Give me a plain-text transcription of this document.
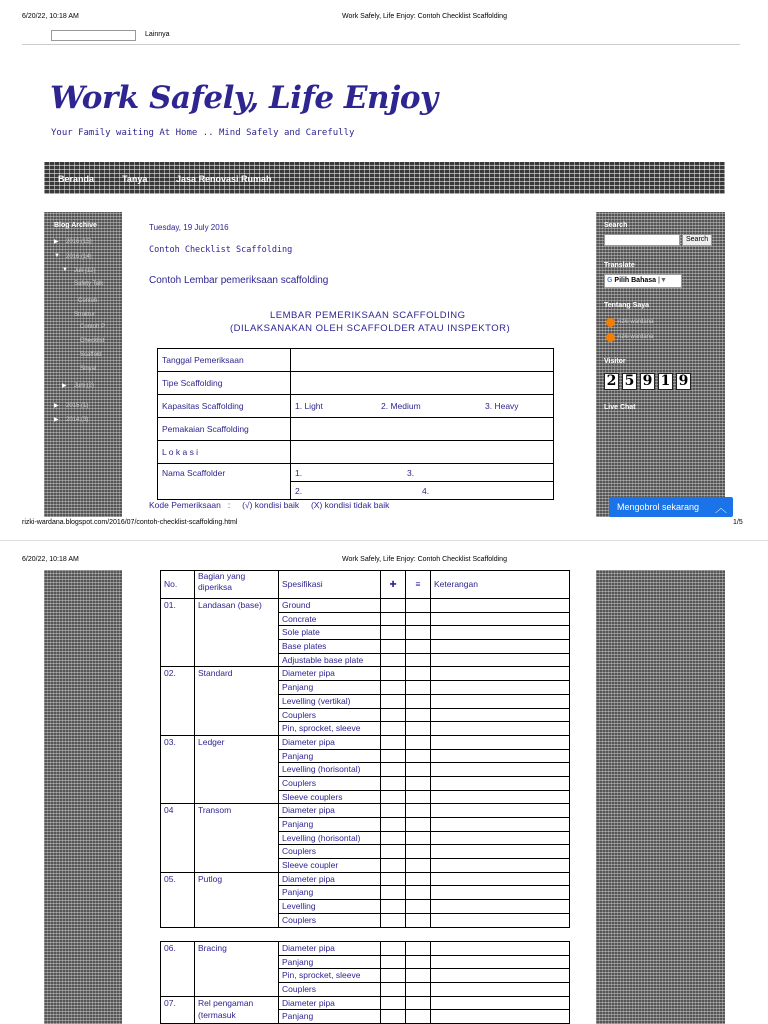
6/20/22, 10:18 AM	Work Safely, Life Enjoy: Contoh Checklist Scaffolding
Lainnya
Work Safely, Life Enjoy
Your Family waiting At Home .. Mind Safely and Carefully
Beranda	Tanya	Jasa Renovasi Rumah
Blog Archive
▶ 2016 (15)
▼ 2016 (14)
▼ Juli (12)
Safety Talk
Contoh
Struktur
Contoh P
Checklist
Scaffold
Sinyal
▶ Juni (2)
▶ 2015 (1)
▶ 2014 (3)
Search
Search
Translate
G Pilih Bahasa |▼
Tentang Saya
rizki wardana
rizki wardana
Visitor
2 5 9 1 9
Live Chat
Tuesday, 19 July 2016
Contoh Checklist Scaffolding
Contoh Lembar pemeriksaan scaffolding
LEMBAR PEMERIKSAAN SCAFFOLDING
(DILAKSANAKAN OLEH SCAFFOLDER ATAU INSPEKTOR)
Tanggal Pemeriksaan	
Tipe Scaffolding	
Kapasitas Scaffolding	1. Light 2. Medium 3. Heavy
Pemakaian Scaffolding	
L o k a s i	
Nama Scaffolder	1. 3.
	2. 4.
Kode Pemeriksaan   :     (√) kondisi baik     (X) kondisi tidak baik	Mengobrol sekarang ︿
rizki-wardana.blogspot.com/2016/07/contoh-checklist-scaffolding.html	1/5
6/20/22, 10:18 AM	Work Safely, Life Enjoy: Contoh Checklist Scaffolding
No.	Bagian yang diperiksa	Spesifikasi	✚	≡	Keterangan
01.	Landasan (base)	Ground			
		Concrate			
		Sole plate			
		Base plates			
		Adjustable base plate			
02.	Standard	Diameter pipa			
		Panjang			
		Levelling (vertikal)			
		Couplers			
		Pin, sprocket, sleeve			
03.	Ledger	Diameter pipa			
		Panjang			
		Levelling (horisontal)			
		Couplers			
		Sleeve couplers			
04	Transom	Diameter pipa			
		Panjang			
		Levelling (horisontal)			
		Couplers			
		Sleeve coupler			
05.	Putlog	Diameter pipa			
		Panjang			
		Levelling			
		Couplers			
06.	Bracing	Diameter pipa			
		Panjang			
		Pin, sprocket, sleeve			
		Couplers			
07.	Rel pengaman (termasuk	Diameter pipa			
		Panjang			
